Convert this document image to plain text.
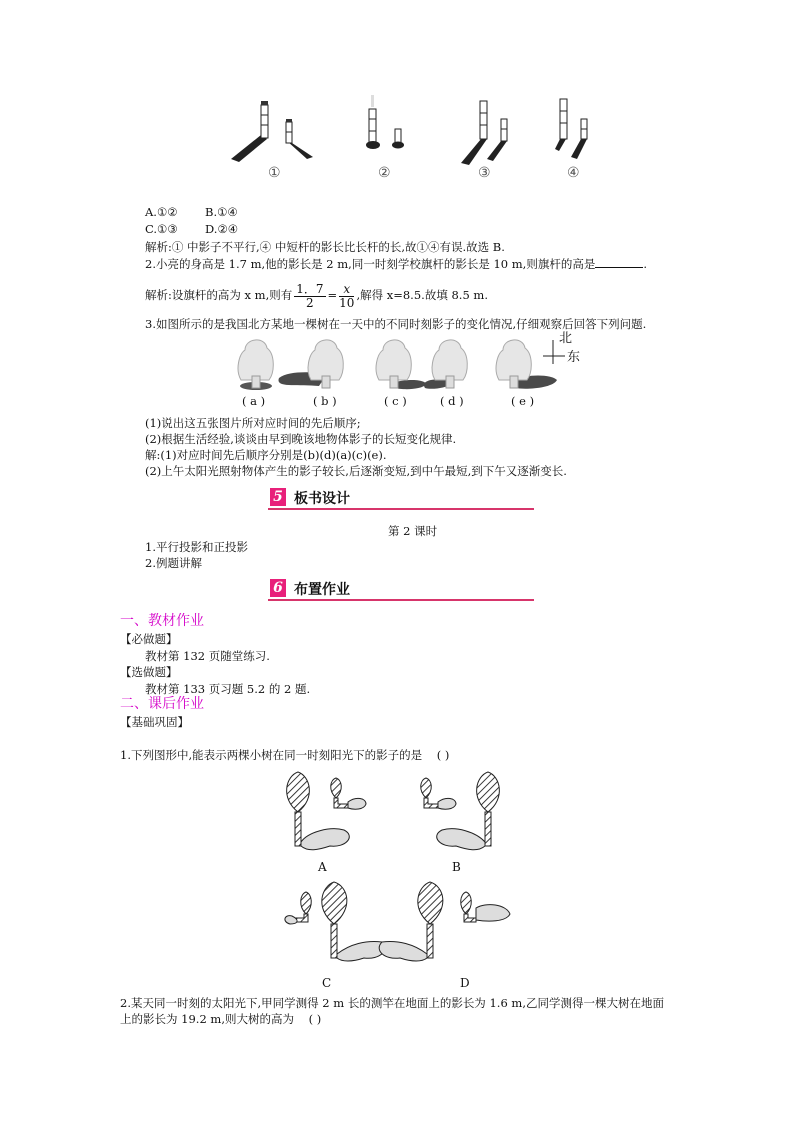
①	②	③	④
A.①② B.①④
C.①③ D.②④
解析:① 中影子不平行,④ 中短杆的影长比长杆的长,故①④有误.故选 B.
2.小亮的身高是 1.7 m,他的影长是 2 m,同一时刻学校旗杆的影长是 10 m,则旗杆的高是	.
解析:设旗杆的高为 x m,则有 $\frac{1.7}{2} = \frac{x}{10}$ ,解得 x=8.5.故填 8.5 m.
3.如图所示的是我国北方某地一棵树在一天中的不同时刻影子的变化情况,仔细观察后回答下列问题.
北
东
( a )	( b )	( c )	( d )	( e )
(1)说出这五张图片所对应时间的先后顺序;
(2)根据生活经验,谈谈由早到晚该地物体影子的长短变化规律.
解:(1)对应时间先后顺序分别是(b)(d)(a)(c)(e).
(2)上午太阳光照射物体产生的影子较长,后逐渐变短,到中午最短,到下午又逐渐变长.
5 板书设计
第 2 课时
1.平行投影和正投影
2.例题讲解
6 布置作业
一、教材作业
【必做题】
教材第 132 页随堂练习.
【选做题】
教材第 133 页习题 5.2 的 2 题.
二、课后作业
【基础巩固】
1.下列图形中,能表示两棵小树在同一时刻阳光下的影子的是 ( )
A	B
C	D
2.某天同一时刻的太阳光下,甲同学测得 2 m 长的测竿在地面上的影长为 1.6 m,乙同学测得一棵大树在地面
上的影长为 19.2 m,则大树的高为 ( )
